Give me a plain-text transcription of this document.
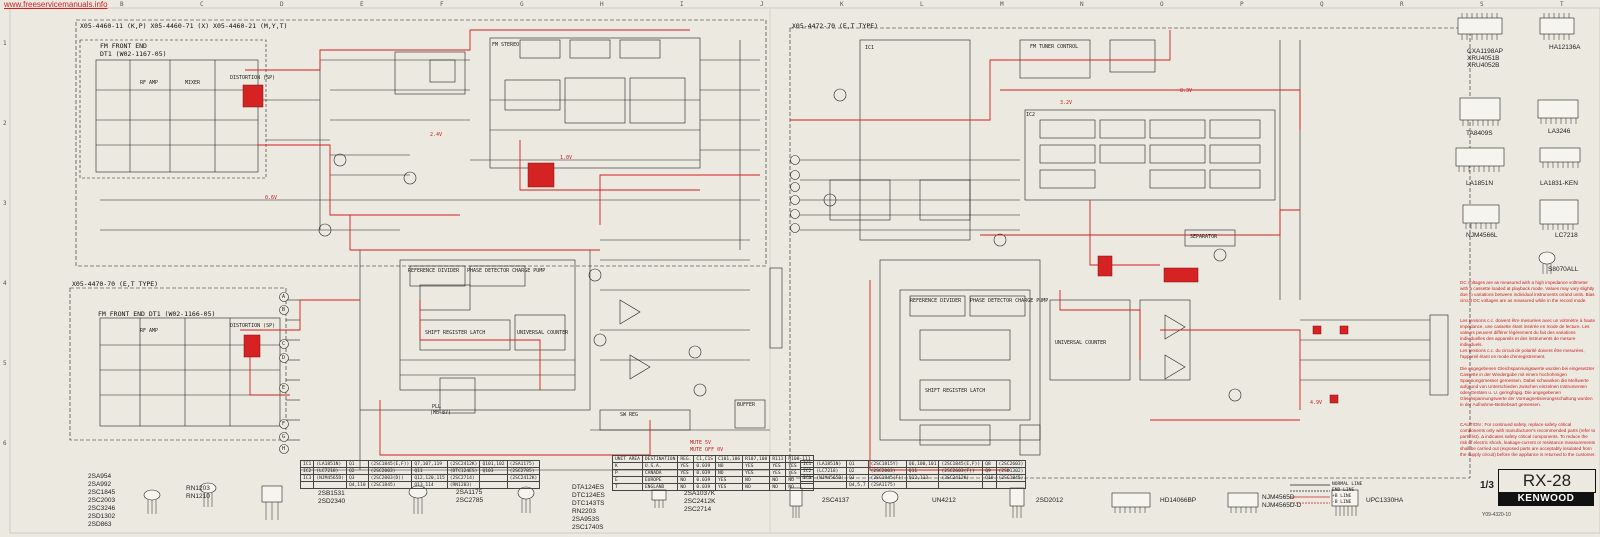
www.freeservicemanuals.info B	C	D	E	F	G	H	I	J	K	L	M	N	O	P	Q	R	S	T
1
2
3
4
5
6
X05-4460-11 (K,P) X05-4460-71 (X) X05-4460-21 (M,Y,T)
FM FRONT END
DT1 (W02-1167-05)
X05-4470-70 (E,T TYPE)
FM FRONT END DT1 (W02-1166-05)
X05-4472-70 (E,T TYPE)
DISTORTION (SP)
DISTORTION (SP)
RF AMP
RF AMP
MIXER
PLL
(MB 87)
FM TUNER CONTROL
SEPARATOR
REFERENCE DIVIDER PHASE DETECTOR CHARGE PUMP
SHIFT REGISTER LATCH	UNIVERSAL COUNTER
REFERENCE DIVIDER PHASE DETECTOR CHARGE PUMP
SHIFT REGISTER LATCH
UNIVERSAL COUNTER
BUFFER
FM STEREO
SW REG
IC1
IC2
1.0V
2.4V
0.6V
MUTE 5V
MUTE OFF 0V
3.2V
8.3V
4.9V
A
B
C
D
E
F
G
H
IC1	(LA1851N)	Q1	(2SC1845(E,F))	Q7,107,119	(2SC2412K)	Q101,102	(2SA1175)
IC2	(LC7218)	Q2	(2SC2003)	Q11	(DTC124ES)	Q103	(2SC2785)
IC3	(NJM4565D)	Q3	(2SC2003(D))	Q12,120,115	(2SC2714)		(2SC2412K)
		Q4,110	(2SC1845)	Q13,114	(RN1203)		
UNIT AREA	DESTINATION	REG.	C1,C1S	C101,106	R107,108	R111	R108-111
K	U.S.A.	YES	0.039	NO	YES	YES	YES
P	CANADA	YES	0.039	NO	YES	YES	YES
E	EUROPE	NO	0.039	YES	NO	NO	NO
T	ENGLAND	NO	0.039	YES	NO	NO	NO
IC1	(LA1851N)	Q1	(2SC1815Y)	Q6,100,101	(2SC1845(E,F))	Q8	(2SC2603)
IC2	(LC7218)	Q2	(2SC2003)	Q11	(2SC2603(F))	Q9	(2SD1302)
IC3	(NJM4565D)	Q3	(2SC1845(F))	Q12,113	(2SC2412K)	Q10	(2SC1845)
		Q4,5,7	(2SA1175)					NORMAL LINE
END LINE
+B LINE
-B LINE
CXA1198AP
XRU4051B
XRU4052B
HA12136A
TA8409S	LA3246
LA1851N	LA1831-KEN
NJM4566L	LC7218
S8070ALL
DC voltages are as measured with a high impedance voltmeter with a cassette loaded at playback mode. Values may vary slightly due to variations between individual instruments or/and units. Bias circuit DC voltages are as measured while in the record mode.
Les tensions c.c. doivent être mesurées avec un voltmètre à haute impédance, une cassette étant insérée en mode de lecture. Les valeurs peuvent différer légèrement du fait des variations individuelles des appareils et des instruments de mesure individuels.
Les tensions c.c. du circuit de polarité doivent être mesurées, l'appareil étant en mode d'enregistrement.
Die angegebenen Gleichspannungswerte wurden bei eingesetzter Cassette in der Wiedergabe mit einem hochohmigen Spannungsmesser gemessen. Dabei schwanken die Meßwerte aufgrund von Unterschieden zwischen einzelnen Instrumenten oder Geräten u. U. geringfügig. Die angegebenen Gleichspannungswerte der Vormagnetisierungsschaltung wurden in der Aufnahme-Betriebsart gemessen.
CAUTION : For continued safety, replace safety critical components only with manufacturer's recommended parts (refer to parts list). Δ indicates safety critical components. To reduce the risk of electric shock, leakage-current or resistance measurements shall be carried out (exposed parts are acceptably insulated from the supply circuit) before the appliance is returned to the customer.
2SA954
2SA992
2SC1845
2SC2003
2SC3246
2SD1302
2SD863
RN1203
RN1210	2SB1531
2SD2340
2SA1175
2SC2785
DTA124ES
DTC124ES
DTC143TS
RN2203
2SA953S
2SC1740S
2SA1037K
2SC2412K
2SC2714
2SC4137	UN4212	2SD2012	HD14066BP	NJM4565D
NJM4565D-D
UPC1330HA
1/3	RX-28
KENWOOD
Y09-4320-10
